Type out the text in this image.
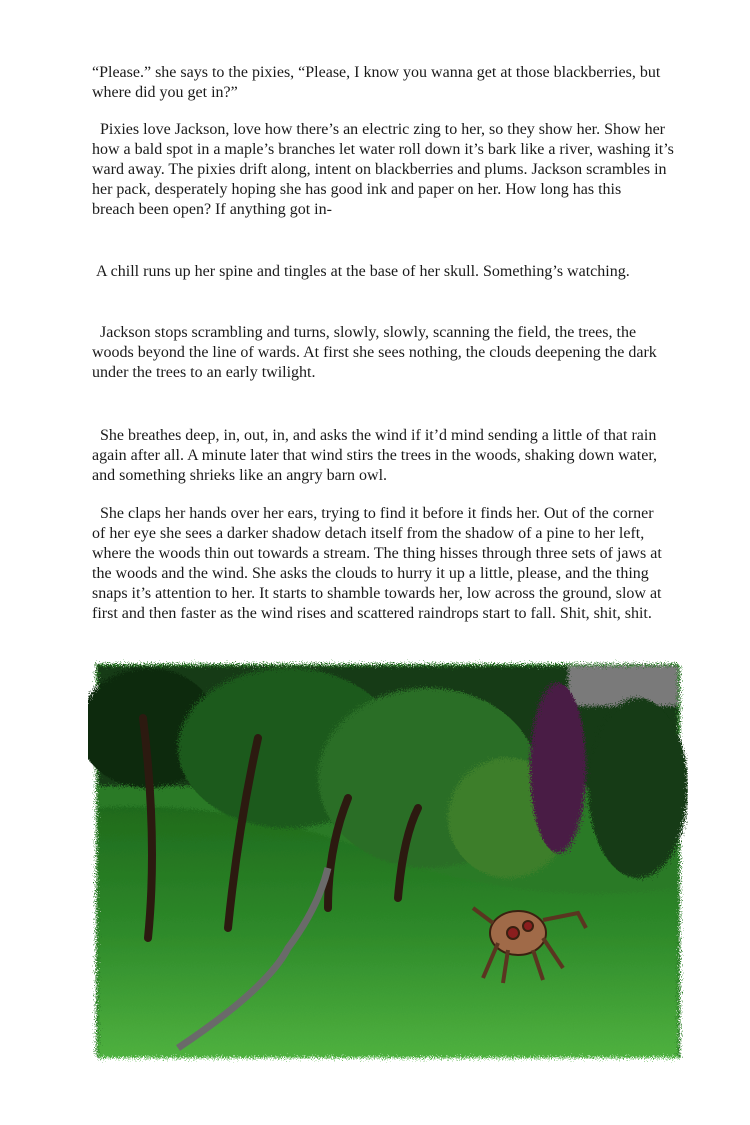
“Please.” she says to the pixies, “Please, I know you wanna get at those blackberries, but
where did you get in?”
Pixies love Jackson, love how there’s an electric zing to her, so they show her. Show her
how a bald spot in a maple’s branches let water roll down it’s bark like a river, washing it’s
ward away. The pixies drift along, intent on blackberries and plums. Jackson scrambles in
her pack, desperately hoping she has good ink and paper on her. How long has this
breach been open? If anything got in-
A chill runs up her spine and tingles at the base of her skull. Something’s watching.
Jackson stops scrambling and turns, slowly, slowly, scanning the field, the trees, the
woods beyond the line of wards. At first she sees nothing, the clouds deepening the dark
under the trees to an early twilight.
She breathes deep, in, out, in, and asks the wind if it’d mind sending a little of that rain
again after all. A minute later that wind stirs the trees in the woods, shaking down water,
and something shrieks like an angry barn owl.
She claps her hands over her ears, trying to find it before it finds her. Out of the corner
of her eye she sees a darker shadow detach itself from the shadow of a pine to her left,
where the woods thin out towards a stream. The thing hisses through three sets of jaws at
the woods and the wind. She asks the clouds to hurry it up a little, please, and the thing
snaps it’s attention to her. It starts to shamble towards her, low across the ground, slow at
first and then faster as the wind rises and scattered raindrops start to fall. Shit, shit, shit.
